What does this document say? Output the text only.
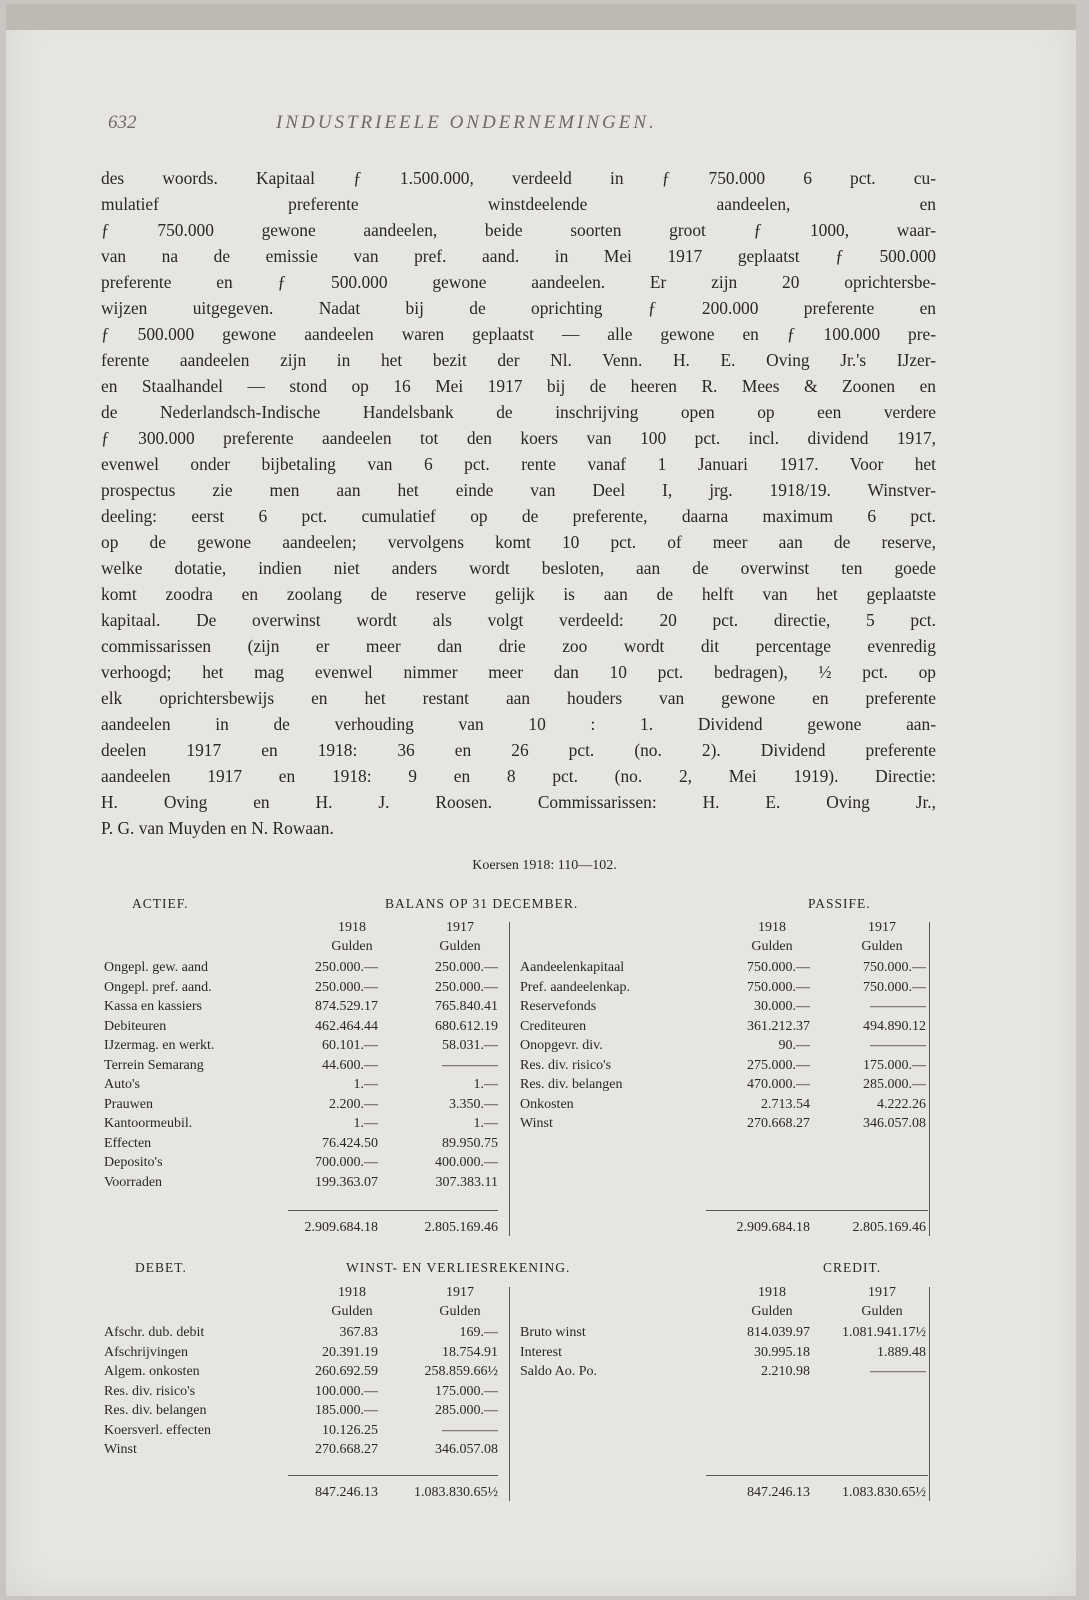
632	INDUSTRIEELE ONDERNEMINGEN.
des woords. Kapitaal ƒ 1.500.000, verdeeld in ƒ 750.000 6 pct. cu-
mulatief preferente winstdeelende aandeelen, en
ƒ 750.000 gewone aandeelen, beide soorten groot ƒ 1000, waar-
van na de emissie van pref. aand. in Mei 1917 geplaatst ƒ 500.000
preferente en ƒ 500.000 gewone aandeelen. Er zijn 20 oprichtersbe-
wijzen uitgegeven. Nadat bij de oprichting ƒ 200.000 preferente en
ƒ 500.000 gewone aandeelen waren geplaatst — alle gewone en ƒ 100.000 pre-
ferente aandeelen zijn in het bezit der Nl. Venn. H. E. Oving Jr.'s IJzer-
en Staalhandel — stond op 16 Mei 1917 bij de heeren R. Mees & Zoonen en
de Nederlandsch-Indische Handelsbank de inschrijving open op een verdere
ƒ 300.000 preferente aandeelen tot den koers van 100 pct. incl. dividend 1917,
evenwel onder bijbetaling van 6 pct. rente vanaf 1 Januari 1917. Voor het
prospectus zie men aan het einde van Deel I, jrg. 1918/19. Winstver-
deeling: eerst 6 pct. cumulatief op de preferente, daarna maximum 6 pct.
op de gewone aandeelen; vervolgens komt 10 pct. of meer aan de reserve,
welke dotatie, indien niet anders wordt besloten, aan de overwinst ten goede
komt zoodra en zoolang de reserve gelijk is aan de helft van het geplaatste
kapitaal. De overwinst wordt als volgt verdeeld: 20 pct. directie, 5 pct.
commissarissen (zijn er meer dan drie zoo wordt dit percentage evenredig
verhoogd; het mag evenwel nimmer meer dan 10 pct. bedragen), ½ pct. op
elk oprichtersbewijs en het restant aan houders van gewone en preferente
aandeelen in de verhouding van 10 : 1. Dividend gewone aan-
deelen 1917 en 1918: 36 en 26 pct. (no. 2). Dividend preferente
aandeelen 1917 en 1918: 9 en 8 pct. (no. 2, Mei 1919). Directie:
H. Oving en H. J. Roosen. Commissarissen: H. E. Oving Jr.,
P. G. van Muyden en N. Rowaan.
Koersen 1918: 110—102.
ACTIEF.	BALANS OP 31 DECEMBER.	PASSIFE.
1918	1917	1918	1917
Gulden	Gulden	Gulden	Gulden
Ongepl. gew. aand	250.000.—	250.000.—
Ongepl. pref. aand.	250.000.—	250.000.—
Kassa en kassiers	874.529.17	765.840.41
Debiteuren	462.464.44	680.612.19
IJzermag. en werkt.	60.101.—	58.031.—
Terrein Semarang	44.600.—	————
Auto's	1.—	1.—
Prauwen	2.200.—	3.350.—
Kantoormeubil.	1.—	1.—
Effecten	76.424.50	89.950.75
Deposito's	700.000.—	400.000.—
Voorraden	199.363.07	307.383.11
Aandeelenkapitaal	750.000.—	750.000.—
Pref. aandeelenkap.	750.000.—	750.000.—
Reservefonds	30.000.—	————
Crediteuren	361.212.37	494.890.12
Onopgevr. div.	90.—	————
Res. div. risico's	275.000.—	175.000.—
Res. div. belangen	470.000.—	285.000.—
Onkosten	2.713.54	4.222.26
Winst	270.668.27	346.057.08
2.909.684.18	2.805.169.46	2.909.684.18	2.805.169.46
DEBET.	WINST- EN VERLIESREKENING.	CREDIT.
1918	1917	1918	1917
Gulden	Gulden	Gulden	Gulden
Afschr. dub. debit	367.83	169.—
Afschrijvingen	20.391.19	18.754.91
Algem. onkosten	260.692.59	258.859.66½
Res. div. risico's	100.000.—	175.000.—
Res. div. belangen	185.000.—	285.000.—
Koersverl. effecten	10.126.25	————
Winst	270.668.27	346.057.08
Bruto winst	814.039.97	1.081.941.17½
Interest	30.995.18	1.889.48
Saldo Ao. Po.	2.210.98	————
847.246.13	1.083.830.65½	847.246.13	1.083.830.65½
